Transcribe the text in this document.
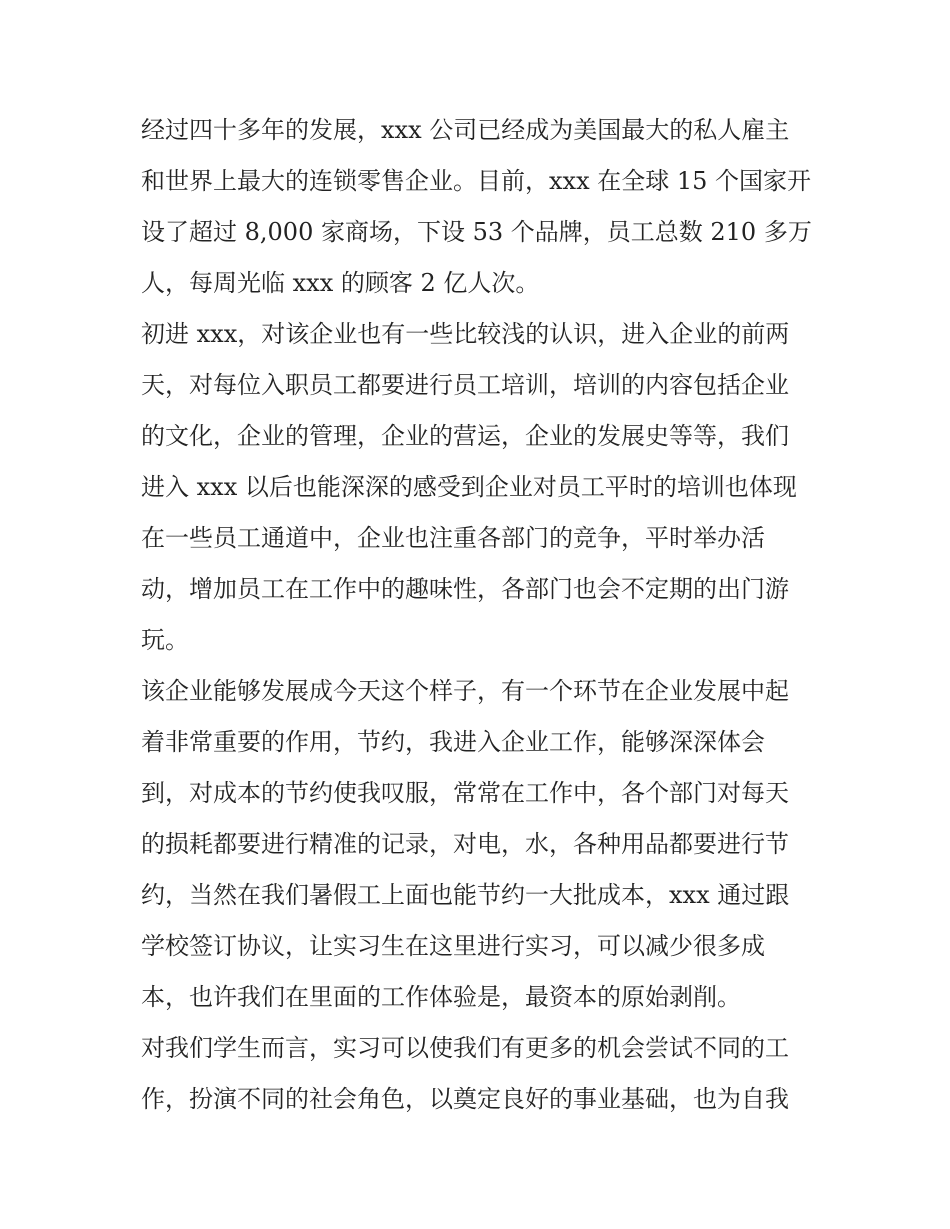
经过四十多年的发展，xxx 公司已经成为美国最大的私人雇主
和世界上最大的连锁零售企业。目前，xxx 在全球 15 个国家开
设了超过 8,000 家商场，下设 53 个品牌，员工总数 210 多万
人，每周光临 xxx 的顾客 2 亿人次。

初进 xxx，对该企业也有一些比较浅的认识，进入企业的前两
天，对每位入职员工都要进行员工培训，培训的内容包括企业
的文化，企业的管理，企业的营运，企业的发展史等等，我们
进入 xxx 以后也能深深的感受到企业对员工平时的培训也体现
在一些员工通道中，企业也注重各部门的竞争，平时举办活
动，增加员工在工作中的趣味性，各部门也会不定期的出门游
玩。

该企业能够发展成今天这个样子，有一个环节在企业发展中起
着非常重要的作用，节约，我进入企业工作，能够深深体会
到，对成本的节约使我叹服，常常在工作中，各个部门对每天
的损耗都要进行精准的记录，对电，水，各种用品都要进行节
约，当然在我们暑假工上面也能节约一大批成本，xxx 通过跟
学校签订协议，让实习生在这里进行实习，可以减少很多成
本，也许我们在里面的工作体验是，最资本的原始剥削。

对我们学生而言，实习可以使我们有更多的机会尝试不同的工
作，扮演不同的社会角色，以奠定良好的事业基础，也为自我
